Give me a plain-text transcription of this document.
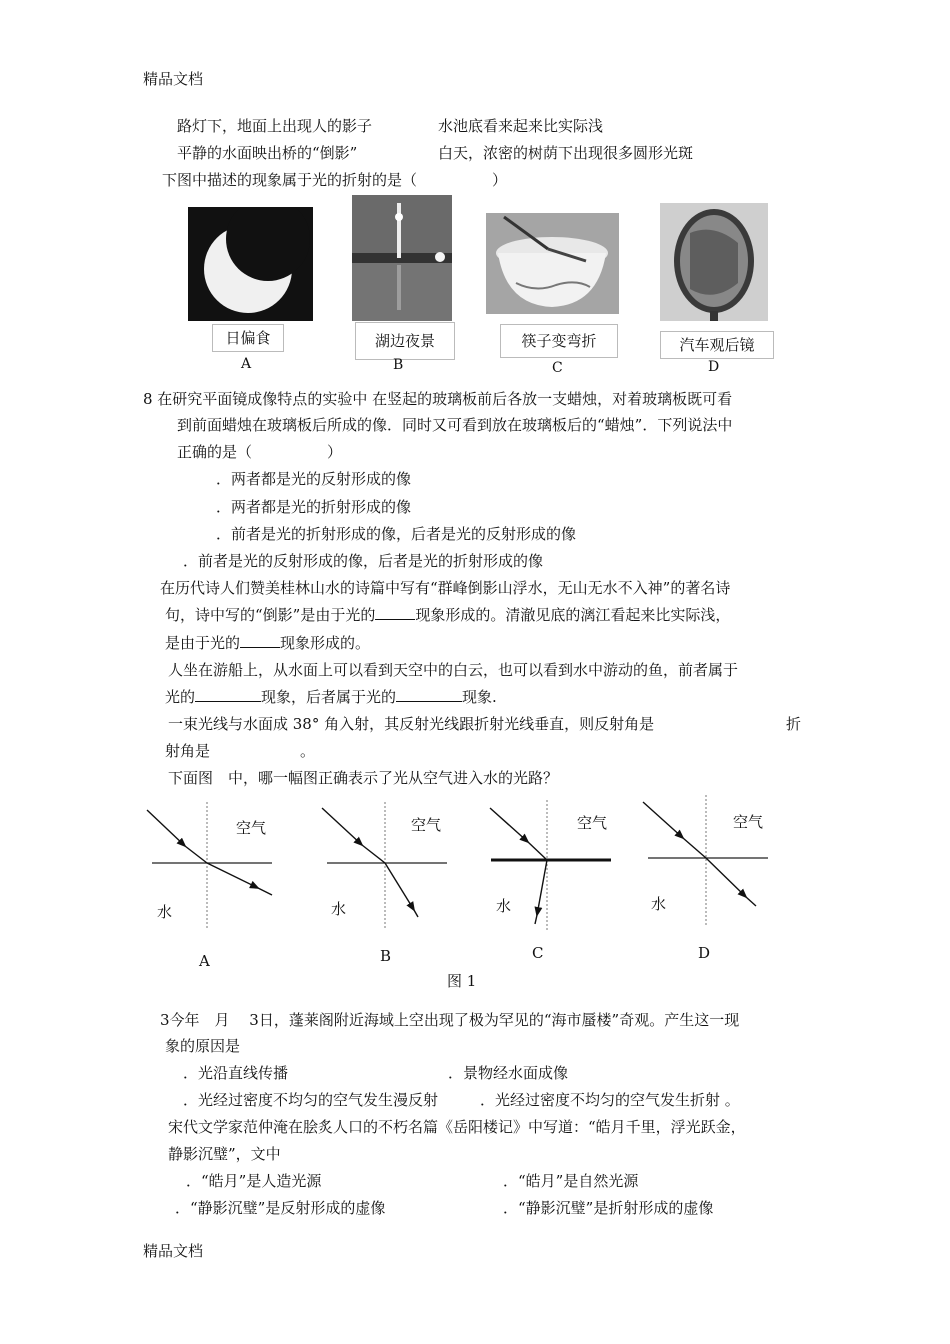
精品文档
路灯下，地面上出现人的影子	水池底看来起来比实际浅
平静的水面映出桥的“倒影”	白天，浓密的树荫下出现很多圆形光斑
下图中描述的现象属于光的折射的是（　　　　　）
日偏食
A
湖边夜景
B
筷子变弯折
C
汽车观后镜
D
8 在研究平面镜成像特点的实验中 在竖起的玻璃板前后各放一支蜡烛，对着玻璃板既可看
到前面蜡烛在玻璃板后所成的像．同时又可看到放在玻璃板后的“蜡烛”．下列说法中
正确的是（　　　　　）
．两者都是光的反射形成的像
．两者都是光的折射形成的像
．前者是光的折射形成的像，后者是光的反射形成的像
．前者是光的反射形成的像，后者是光的折射形成的像
在历代诗人们赞美桂林山水的诗篇中写有“群峰倒影山浮水，无山无水不入神”的著名诗
句，诗中写的“倒影”是由于光的	现象形成的。清澈见底的漓江看起来比实际浅，
是由于光的	现象形成的。
人坐在游船上，从水面上可以看到天空中的白云，也可以看到水中游动的鱼，前者属于
光的	现象，后者属于光的	现象.
一束光线与水面成 38° 角入射，其反射光线跟折射光线垂直，则反射角是	折
射角是　　　　　　。
下面图　中，哪一幅图正确表示了光从空气进入水的光路？
空气
水
A
空气
水
B
空气
水
C
空气
水
D
图 1
3今年　月　 3日，蓬莱阁附近海域上空出现了极为罕见的“海市蜃楼”奇观。产生这一现
象的原因是
．光沿直线传播	．景物经水面成像
．光经过密度不均匀的空气发生漫反射	．光经过密度不均匀的空气发生折射 。
宋代文学家范仲淹在脍炙人口的不朽名篇《岳阳楼记》中写道：“皓月千里，浮光跃金，
静影沉璧”，文中
．“皓月”是人造光源	．“皓月”是自然光源
．“静影沉璧”是反射形成的虚像	．“静影沉璧”是折射形成的虚像
精品文档
